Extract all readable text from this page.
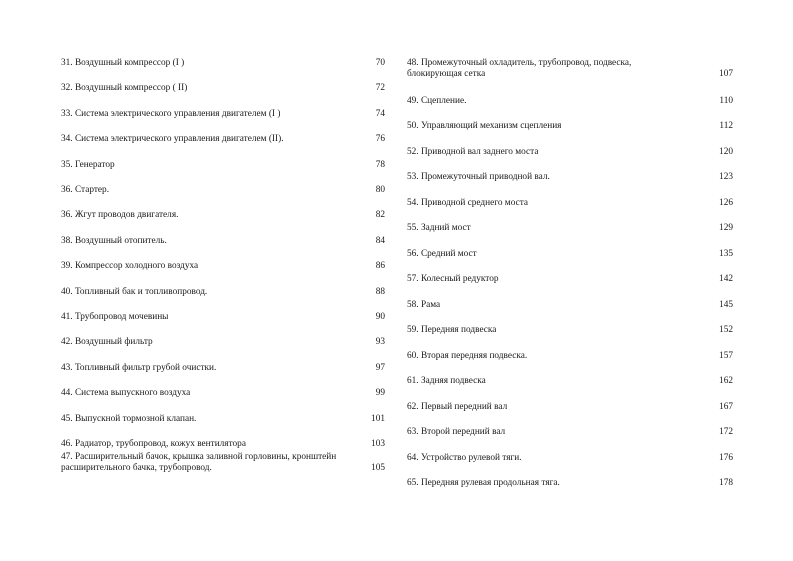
31. Воздушный компрессор (I )	70
32. Воздушный компрессор ( II)	72
33. Система электрического управления двигателем (I )	74
34. Система электрического управления двигателем (II).	76
35. Генератор	78
36. Стартер.	80
36. Жгут проводов двигателя.	82
38. Воздушный отопитель.	84
39. Компрессор холодного воздуха	86
40. Топливный бак и топливопровод.	88
41. Трубопровод мочевины	90
42. Воздушный фильтр	93
43. Топливный фильтр грубой очистки.	97
44. Система выпускного воздуха	99
45. Выпускной тормозной клапан.	101
46. Радиатор, трубопровод, кожух вентилятора	103
47. Расширительный бачок, крышка заливной горловины, кронштейн
расширительного бачка, трубопровод.	105
48. Промежуточный охладитель, трубопровод, подвеска,
блокирующая сетка	107
49. Сцепление.	110
50. Управляющий механизм сцепления	112
52. Приводной вал заднего моста	120
53. Промежуточный приводной вал.	123
54. Приводной среднего моста	126
55. Задний мост	129
56. Средний мост	135
57. Колесный редуктор	142
58. Рама	145
59. Передняя подвеска	152
60. Вторая передняя подвеска.	157
61. Задняя подвеска	162
62. Первый передний вал	167
63. Второй передний вал	172
64. Устройство рулевой тяги.	176
65. Передняя рулевая продольная тяга.	178
